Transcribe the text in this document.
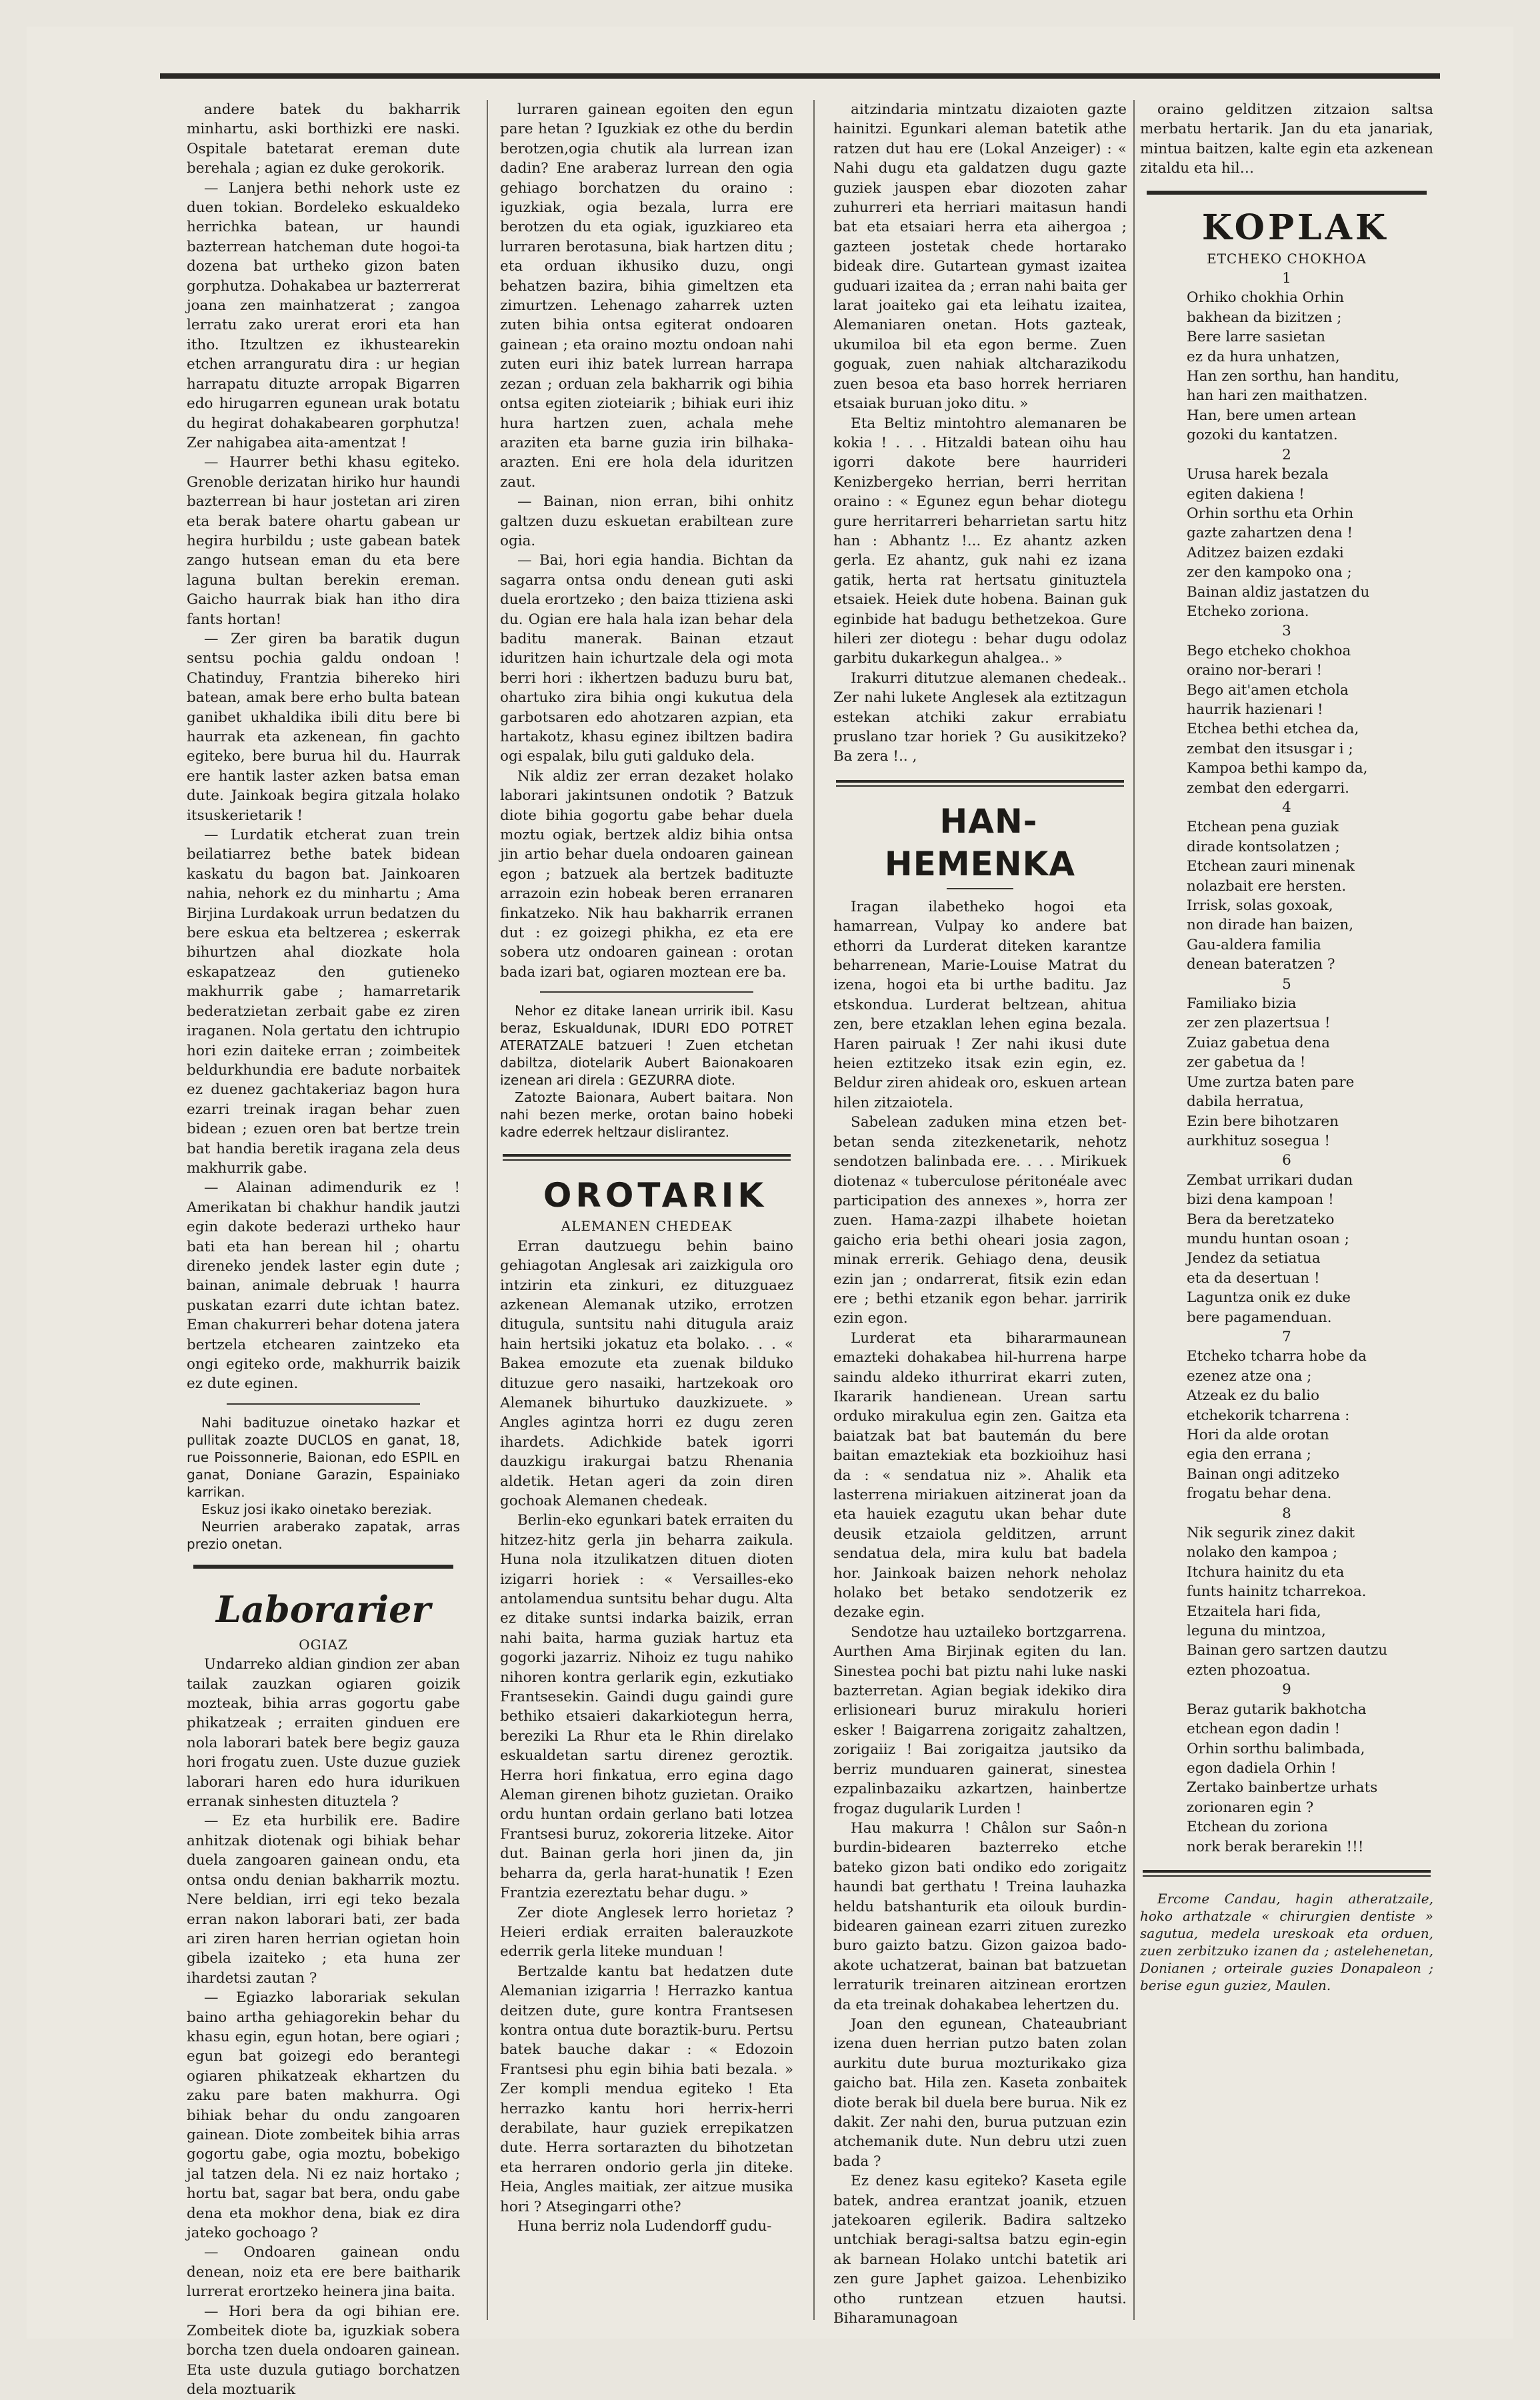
andere batek du bakharrik minhartu, aski borthizki ere naski. Ospitale batetarat ereman dute berehala ; agian ez duke gerokorik.

— Lanjera bethi nehork uste ez duen tokian. Bordeleko eskualdeko herrichka batean, ur haundi bazterrean hatcheman dute hogoi-ta dozena bat urtheko gizon baten gorphutza. Dohakabea ur bazterrerat joana zen mainhatzerat ; zangoa lerratu zako urerat erori eta han itho. Itzultzen ez ikhustearekin etchen arranguratu dira : ur hegian harrapatu dituzte arropak Bigarren edo hirugarren egunean urak botatu du hegirat dohakabearen gorphutza! Zer nahigabea aita-amentzat !

— Haurrer bethi khasu egiteko. Grenoble derizatan hiriko hur haundi bazterrean bi haur jostetan ari ziren eta berak batere ohartu gabean ur hegira hurbildu ; uste gabean batek zango hutsean eman du eta bere laguna bultan berekin ereman. Gaicho haurrak biak han itho dira fants hortan!

— Zer giren ba baratik dugun sentsu pochia galdu ondoan ! Chatinduy, Frantzia bihereko hiri batean, amak bere erho bulta batean ganibet ukhaldika ibili ditu bere bi haurrak eta azkenean, fin gachto egiteko, bere burua hil du. Haurrak ere hantik laster azken batsa eman dute. Jainkoak begira gitzala holako itsuskerietarik !

— Lurdatik etcherat zuan trein beilatiarrez bethe batek bidean kaskatu du bagon bat. Jainkoaren nahia, nehork ez du minhartu ; Ama Birjina Lurdakoak urrun bedatzen du bere eskua eta beltzerea ; eskerrak bihurtzen ahal diozkate hola eskapatzeaz den gutieneko makhurrik gabe ; hamarretarik bederatzietan zerbait gabe ez ziren iraganen. Nola gertatu den ichtrupio hori ezin daiteke erran ; zoimbeitek beldurkhundia ere badute norbaitek ez duenez gachtakeriaz bagon hura ezarri treinak iragan behar zuen bidean ; ezuen oren bat bertze trein bat handia beretik iragana zela deus makhurrik gabe.

— Alainan adimendurik ez ! Amerikatan bi chakhur handik jautzi egin dakote bederazi urtheko haur bati eta han berean hil ; ohartu direneko jendek laster egin dute ; bainan, animale debruak ! haurra puskatan ezarri dute ichtan batez. Eman chakurreri behar dotena jatera bertzela etchearen zaintzeko eta ongi egiteko orde, makhurrik baizik ez dute eginen.

Nahi badituzue oinetako hazkar et pullitak zoazte DUCLOS en ganat, 18, rue Poissonnerie, Baionan, edo ESPIL en ganat, Doniane Garazin, Espainiako karrikan.

Eskuz josi ikako oinetako bereziak.

Neurrien araberako zapatak, arras prezio onetan.

Laborarier

OGIAZ

Undarreko aldian gindion zer aban tailak zauzkan ogiaren goizik mozteak, bihia arras gogortu gabe phikatzeak ; erraiten ginduen ere nola laborari batek bere begiz gauza hori frogatu zuen. Uste duzue guziek laborari haren edo hura idurikuen erranak sinhesten dituztela ?

— Ez eta hurbilik ere. Badire anhitzak diotenak ogi bihiak behar duela zangoaren gainean ondu, eta ontsa ondu denian bakharrik moztu. Nere beldian, irri egi teko bezala erran nakon laborari bati, zer bada ari ziren haren herrian ogietan hoin gibela izaiteko ; eta huna zer ihardetsi zautan ?

— Egiazko laborariak sekulan baino artha gehiagorekin behar du khasu egin, egun hotan, bere ogiari ; egun bat goizegi edo berantegi ogiaren phikatzeak ekhartzen du zaku pare baten makhurra. Ogi bihiak behar du ondu zangoaren gainean. Diote zombeitek bihia arras gogortu gabe, ogia moztu, bobekigo jal tatzen dela. Ni ez naiz hortako ; hortu bat, sagar bat bera, ondu gabe dena eta mokhor dena, biak ez dira jateko gochoago ?

— Ondoaren gainean ondu denean, noiz eta ere bere baitharik lurrerat erortzeko heinera jina baita.

— Hori bera da ogi bihian ere. Zombeitek diote ba, iguzkiak sobera borcha tzen duela ondoaren gainean. Eta uste duzula gutiago borchatzen dela moztuarik

lurraren gainean egoiten den egun pare hetan ? Iguzkiak ez othe du berdin berotzen,ogia chutik ala lurrean izan dadin? Ene araberaz lurrean den ogia gehiago borchatzen du oraino : iguzkiak, ogia bezala, lurra ere berotzen du eta ogiak, iguzkiareo eta lurraren berotasuna, biak hartzen ditu ; eta orduan ikhusiko duzu, ongi behatzen bazira, bihia gimeltzen eta zimurtzen. Lehenago zaharrek uzten zuten bihia ontsa egiterat ondoaren gainean ; eta oraino moztu ondoan nahi zuten euri ihiz batek lurrean harrapa zezan ; orduan zela bakharrik ogi bihia ontsa egiten zioteiarik ; bihiak euri ihiz hura hartzen zuen, achala mehe araziten eta barne guzia irin bilhaka-arazten. Eni ere hola dela iduritzen zaut.

— Bainan, nion erran, bihi onhitz galtzen duzu eskuetan erabiltean zure ogia.

— Bai, hori egia handia. Bichtan da sagarra ontsa ondu denean guti aski duela erortzeko ; den baiza ttiziena aski du. Ogian ere hala hala izan behar dela baditu manerak. Bainan etzaut iduritzen hain ichurtzale dela ogi mota berri hori : ikhertzen baduzu buru bat, ohartuko zira bihia ongi kukutua dela garbotsaren edo ahotzaren azpian, eta hartakotz, khasu eginez ibiltzen badira ogi espalak, bilu guti galduko dela.

Nik aldiz zer erran dezaket holako laborari jakintsunen ondotik ? Batzuk diote bihia gogortu gabe behar duela moztu ogiak, bertzek aldiz bihia ontsa jin artio behar duela ondoaren gainean egon ; batzuek ala bertzek badituzte arrazoin ezin hobeak beren erranaren finkatzeko. Nik hau bakharrik erranen dut : ez goizegi phikha, ez eta ere sobera utz ondoaren gainean : orotan bada izari bat, ogiaren moztean ere ba.

Nehor ez ditake lanean urririk ibil. Kasu beraz, Eskualdunak, IDURI EDO POTRET ATERATZALE batzueri ! Zuen etchetan dabiltza, diotelarik Aubert Baionakoaren izenean ari direla : GEZURRA diote.

Zatozte Baionara, Aubert baitara. Non nahi bezen merke, orotan baino hobeki kadre ederrek heltzaur dislirantez.

OROTARIK

ALEMANEN CHEDEAK

Erran dautzuegu behin baino gehiagotan Anglesak ari zaizkigula oro intzirin eta zinkuri, ez dituzguaez azkenean Alemanak utziko, errotzen ditugula, suntsitu nahi ditugula araiz hain hertsiki jokatuz eta bolako. . . « Bakea emozute eta zuenak bilduko dituzue gero nasaiki, hartzekoak oro Alemanek bihurtuko dauzkizuete. » Angles agintza horri ez dugu zeren ihardets. Adichkide batek igorri dauzkigu irakurgai batzu Rhenania aldetik. Hetan ageri da zoin diren gochoak Alemanen chedeak.

Berlin-eko egunkari batek erraiten du hitzez-hitz gerla jin beharra zaikula. Huna nola itzulikatzen dituen dioten izigarri horiek : « Versailles-eko antolamendua suntsitu behar dugu. Alta ez ditake suntsi indarka baizik, erran nahi baita, harma guziak hartuz eta gogorki jazarriz. Nihoiz ez tugu nahiko nihoren kontra gerlarik egin, ezkutiako Frantsesekin. Gaindi dugu gaindi gure bethiko etsaieri dakarkiotegun herra, bereziki La Rhur eta le Rhin direlako eskualdetan sartu direnez geroztik. Herra hori finkatua, erro egina dago Aleman girenen bihotz guzietan. Oraiko ordu huntan ordain gerlano bati lotzea Frantsesi buruz, zokoreria litzeke. Aitor dut. Bainan gerla hori jinen da, jin beharra da, gerla harat-hunatik ! Ezen Frantzia ezereztatu behar dugu. »

Zer diote Anglesek lerro horietaz ? Heieri erdiak erraiten balerauzkote ederrik gerla liteke munduan !

Bertzalde kantu bat hedatzen dute Alemanian izigarria ! Herrazko kantua deitzen dute, gure kontra Frantsesen kontra ontua dute boraztik-buru. Pertsu batek bauche dakar : « Edozoin Frantsesi phu egin bihia bati bezala. » Zer kompli mendua egiteko ! Eta herrazko kantu hori herrix-herri derabilate, haur guziek errepikatzen dute. Herra sortarazten du bihotzetan eta herraren ondorio gerla jin diteke. Heia, Angles maitiak, zer aitzue musika hori ? Atsegingarri othe?

Huna berriz nola Ludendorff gudu-

aitzindaria mintzatu dizaioten gazte hainitzi. Egunkari aleman batetik athe ratzen dut hau ere (Lokal Anzeiger) : « Nahi dugu eta galdatzen dugu gazte guziek jauspen ebar diozoten zahar zuhurreri eta herriari maitasun handi bat eta etsaiari herra eta aihergoa ; gazteen jostetak chede hortarako bideak dire. Gutartean gymast izaitea guduari izaitea da ; erran nahi baita ger larat joaiteko gai eta leihatu izaitea, Alemaniaren onetan. Hots gazteak, ukumiloa bil eta egon berme. Zuen goguak, zuen nahiak altcharazikodu zuen besoa eta baso horrek herriaren etsaiak buruan joko ditu. »

Eta Beltiz mintohtro alemanaren be kokia ! . . . Hitzaldi batean oihu hau igorri dakote bere haurrideri Kenizbergeko herrian, berri herritan oraino : « Egunez egun behar diotegu gure herritarreri beharrietan sartu hitz han : Abhantz !... Ez ahantz azken gerla. Ez ahantz, guk nahi ez izana gatik, herta rat hertsatu ginituztela etsaiek. Heiek dute hobena. Bainan guk eginbide hat badugu bethetzekoa. Gure hileri zer diotegu : behar dugu odolaz garbitu dukarkegun ahalgea.. »

Irakurri ditutzue alemanen chedeak.. Zer nahi lukete Anglesek ala eztitzagun estekan atchiki zakur errabiatu pruslano tzar horiek ? Gu ausikitzeko? Ba zera !.. ,

HAN-HEMENKA

Iragan ilabetheko hogoi eta hamarrean, Vulpay ko andere bat ethorri da Lurderat diteken karantze beharrenean, Marie-Louise Matrat du izena, hogoi eta bi urthe baditu. Jaz etskondua. Lurderat beltzean, ahitua zen, bere etzaklan lehen egina bezala. Haren pairuak ! Zer nahi ikusi dute heien eztitzeko itsak ezin egin, ez. Beldur ziren ahideak oro, eskuen artean hilen zitzaiotela.

Sabelean zaduken mina etzen bet-betan senda zitezkenetarik, nehotz sendotzen balinbada ere. . . . Mirikuek diotenaz « tuberculose péritonéale avec participation des annexes », horra zer zuen. Hama-zazpi ilhabete hoietan gaicho eria bethi oheari josia zagon, minak errerik. Gehiago dena, deusik ezin jan ; ondarrerat, fitsik ezin edan ere ; bethi etzanik egon behar. jarririk ezin egon.

Lurderat eta bihararmaunean emazteki dohakabea hil-hurrena harpe saindu aldeko ithurrirat ekarri zuten, Ikararik handienean. Urean sartu orduko mirakulua egin zen. Gaitza eta baiatzak bat bat bautemán du bere baitan emaztekiak eta bozkioihuz hasi da : « sendatua niz ». Ahalik eta lasterrena miriakuen aitzinerat joan da eta hauiek ezagutu ukan behar dute deusik etzaiola gelditzen, arrunt sendatua dela, mira kulu bat badela hor. Jainkoak baizen nehork neholaz holako bet betako sendotzerik ez dezake egin.

Sendotze hau uztaileko bortzgarrena. Aurthen Ama Birjinak egiten du lan. Sinestea pochi bat piztu nahi luke naski bazterretan. Agian begiak idekiko dira erlisioneari buruz mirakulu horieri esker ! Baigarrena zorigaitz zahaltzen, zorigaiiz ! Bai zorigaitza jautsiko da berriz munduaren gainerat, sinestea ezpalinbazaiku azkartzen, hainbertze frogaz dugularik Lurden !

Hau makurra ! Châlon sur Saôn-n burdin-bidearen bazterreko etche bateko gizon bati ondiko edo zorigaitz haundi bat gerthatu ! Treina lauhazka heldu batshanturik eta oilouk burdin-bidearen gainean ezarri zituen zurezko buro gaizto batzu. Gizon gaizoa bado-akote uchatzerat, bainan bat batzuetan lerraturik treinaren aitzinean erortzen da eta treinak dohakabea lehertzen du.

Joan den egunean, Chateaubriant izena duen herrian putzo baten zolan aurkitu dute burua mozturikako giza gaicho bat. Hila zen. Kaseta zonbaitek diote berak bil duela bere burua. Nik ez dakit. Zer nahi den, burua putzuan ezin atchemanik dute. Nun debru utzi zuen bada ?

Ez denez kasu egiteko? Kaseta egile batek, andrea erantzat joanik, etzuen jatekoaren egilerik. Badira saltzeko untchiak beragi-saltsa batzu egin-egin ak barnean Holako untchi batetik ari zen gure Japhet gaizoa. Lehenbiziko otho runtzean etzuen hautsi. Biharamunagoan

oraino gelditzen zitzaion saltsa merbatu hertarik. Jan du eta janariak, mintua baitzen, kalte egin eta azkenean zitaldu eta hil…

KOPLAK

ETCHEKO CHOKHOA

1

Orhiko chokhia Orhin

bakhean da bizitzen ;

Bere larre sasietan

ez da hura unhatzen,

Han zen sorthu, han handitu,

han hari zen maithatzen.

Han, bere umen artean

gozoki du kantatzen.

2

Urusa harek bezala

egiten dakiena !

Orhin sorthu eta Orhin

gazte zahartzen dena !

Aditzez baizen ezdaki

zer den kampoko ona ;

Bainan aldiz jastatzen du

Etcheko zoriona.

3

Bego etcheko chokhoa

oraino nor-berari !

Bego ait'amen etchola

haurrik hazienari !

Etchea bethi etchea da,

zembat den itsusgar i ;

Kampoa bethi kampo da,

zembat den edergarri.

4

Etchean pena guziak

dirade kontsolatzen ;

Etchean zauri minenak

nolazbait ere hersten.

Irrisk, solas goxoak,

non dirade han baizen,

Gau-aldera familia

denean bateratzen ?

5

Familiako bizia

zer zen plazertsua !

Zuiaz gabetua dena

zer gabetua da !

Ume zurtza baten pare

dabila herratua,

Ezin bere bihotzaren

aurkhituz sosegua !

6

Zembat urrikari dudan

bizi dena kampoan !

Bera da beretzateko

mundu huntan osoan ;

Jendez da setiatua

eta da desertuan !

Laguntza onik ez duke

bere pagamenduan.

7

Etcheko tcharra hobe da

ezenez atze ona ;

Atzeak ez du balio

etchekorik tcharrena :

Hori da alde orotan

egia den errana ;

Bainan ongi aditzeko

frogatu behar dena.

8

Nik segurik zinez dakit

nolako den kampoa ;

Itchura hainitz du eta

funts hainitz tcharrekoa.

Etzaitela hari fida,

leguna du mintzoa,

Bainan gero sartzen dautzu

ezten phozoatua.

9

Beraz gutarik bakhotcha

etchean egon dadin !

Orhin sorthu balimbada,

egon dadiela Orhin !

Zertako bainbertze urhats

zorionaren egin ?

Etchean du zoriona

nork berak berarekin !!!

Ercome Candau, hagin atheratzaile, hoko arthatzale « chirurgien dentiste » sagutua, medela ureskoak eta orduen, zuen zerbitzuko izanen da ; astelehenetan, Donianen ; orteirale guzies Donapaleon ; berise egun guziez, Maulen.
